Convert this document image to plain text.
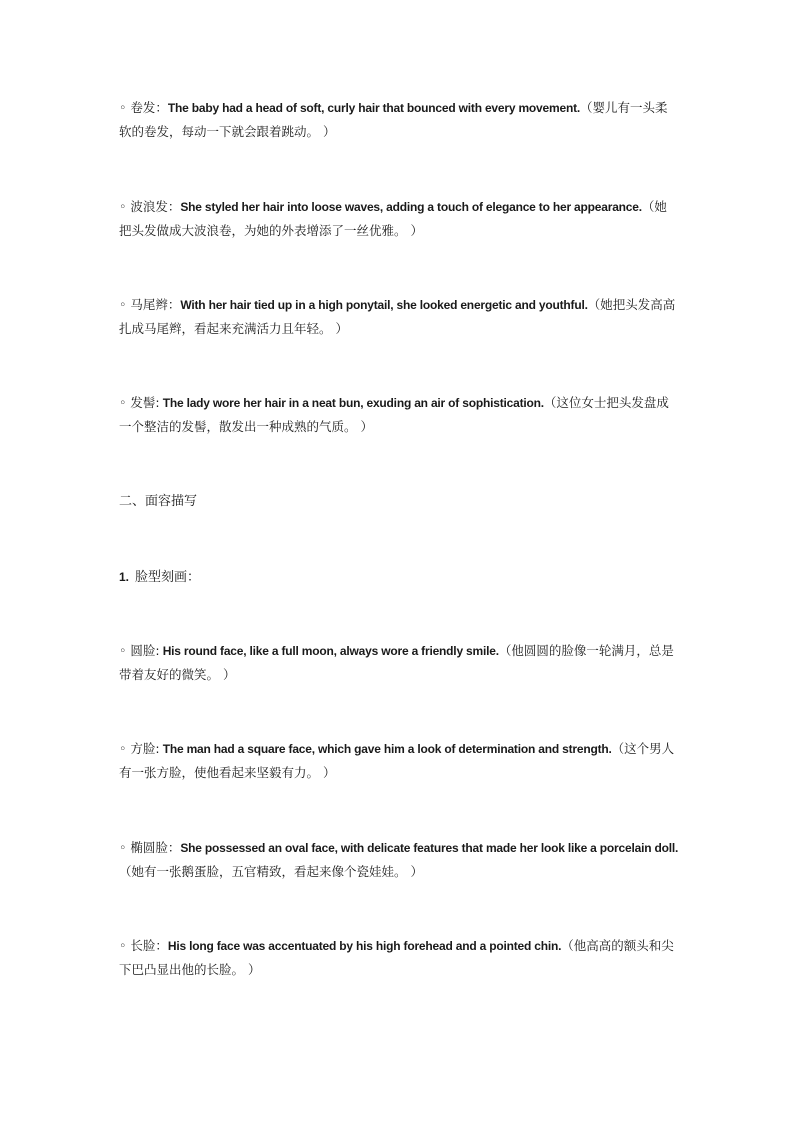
◦ 卷发：The baby had a head of soft, curly hair that bounced with every movement.（婴儿有一头柔软的卷发，每动一下就会跟着跳动。 ）

◦ 波浪发：She styled her hair into loose waves, adding a touch of elegance to her appearance.（她把头发做成大波浪卷，为她的外表增添了一丝优雅。 ）

◦ 马尾辫：With her hair tied up in a high ponytail, she looked energetic and youthful.（她把头发高高扎成马尾辫，看起来充满活力且年轻。 ）

◦ 发髻: The lady wore her hair in a neat bun, exuding an air of sophistication.（这位女士把头发盘成一个整洁的发髻，散发出一种成熟的气质。 ）

二、面容描写

1. 脸型刻画：

◦ 圆脸: His round face, like a full moon, always wore a friendly smile.（他圆圆的脸像一轮满月，总是带着友好的微笑。 ）

◦ 方脸: The man had a square face, which gave him a look of determination and strength.（这个男人有一张方脸，使他看起来坚毅有力。 ）

◦ 椭圆脸：She possessed an oval face, with delicate features that made her look like a porcelain doll.（她有一张鹅蛋脸，五官精致，看起来像个瓷娃娃。 ）

◦ 长脸：His long face was accentuated by his high forehead and a pointed chin.（他高高的额头和尖下巴凸显出他的长脸。 ）
